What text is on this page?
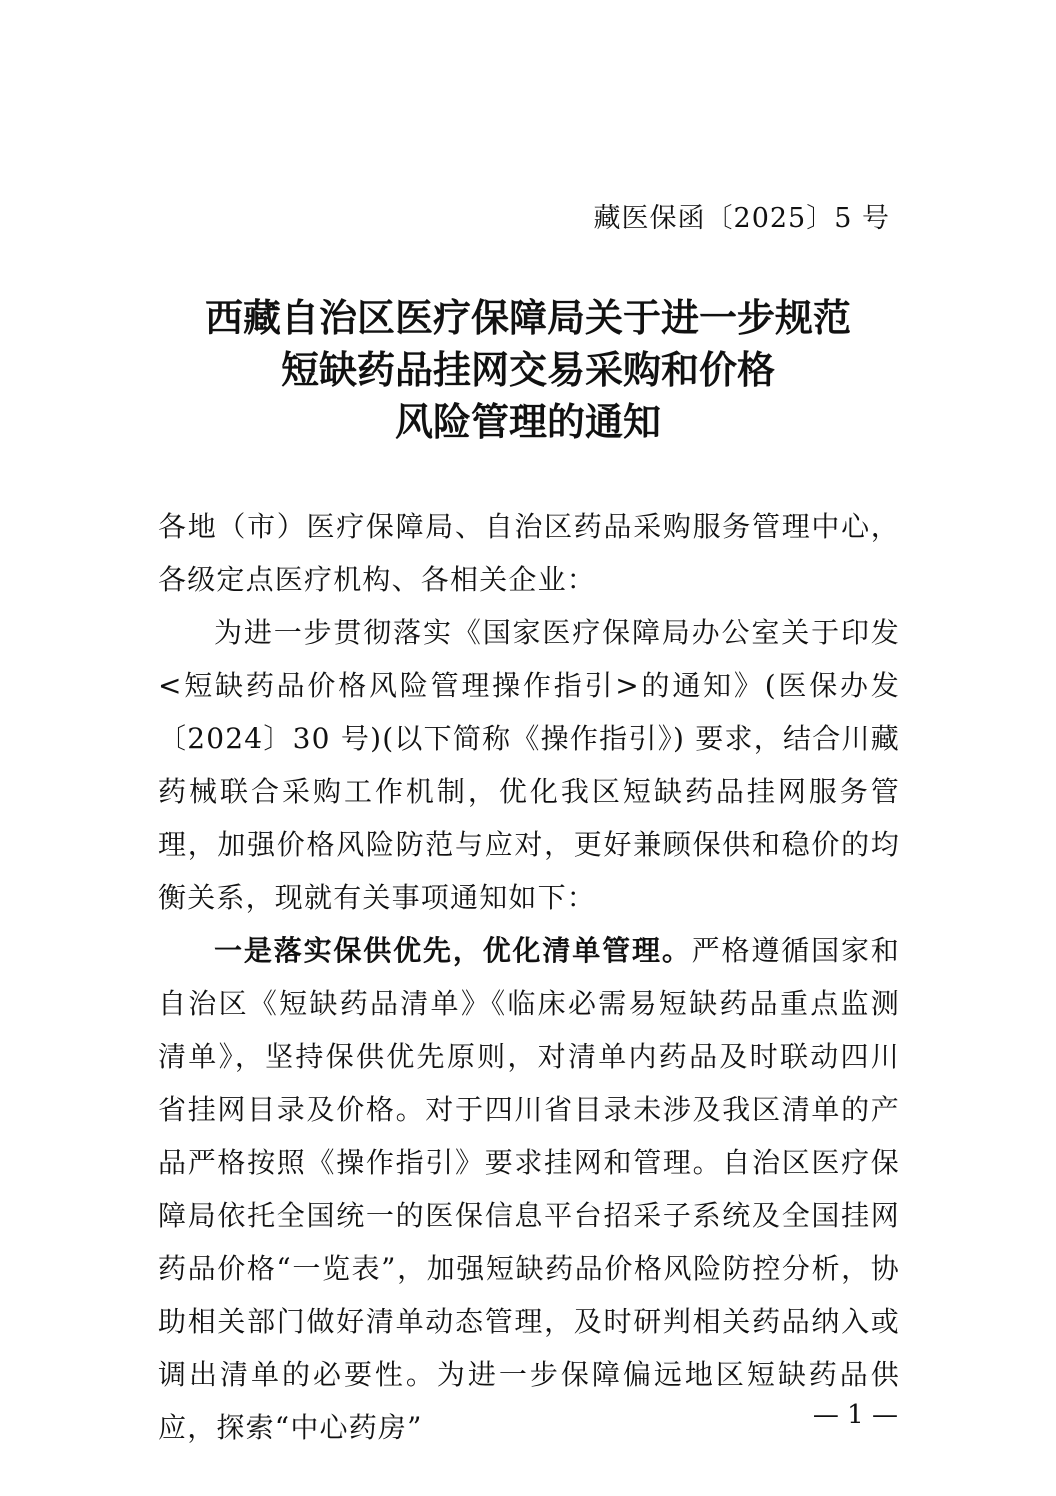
藏医保函〔2025〕5 号
西藏自治区医疗保障局关于进一步规范
短缺药品挂网交易采购和价格
风险管理的通知

各地（市）医疗保障局、自治区药品采购服务管理中心，各级定点医疗机构、各相关企业：

为进一步贯彻落实《国家医疗保障局办公室关于印发<短缺药品价格风险管理操作指引>的通知》(医保办发〔2024〕30 号)(以下简称《操作指引》) 要求，结合川藏药械联合采购工作机制，优化我区短缺药品挂网服务管理，加强价格风险防范与应对，更好兼顾保供和稳价的均衡关系，现就有关事项通知如下：

一是落实保供优先，优化清单管理。严格遵循国家和自治区《短缺药品清单》《临床必需易短缺药品重点监测清单》，坚持保供优先原则，对清单内药品及时联动四川省挂网目录及价格。对于四川省目录未涉及我区清单的产品严格按照《操作指引》要求挂网和管理。自治区医疗保障局依托全国统一的医保信息平台招采子系统及全国挂网药品价格“一览表”，加强短缺药品价格风险防控分析，协助相关部门做好清单动态管理，及时研判相关药品纳入或调出清单的必要性。为进一步保障偏远地区短缺药品供应，探索“中心药房”	— 1 —
